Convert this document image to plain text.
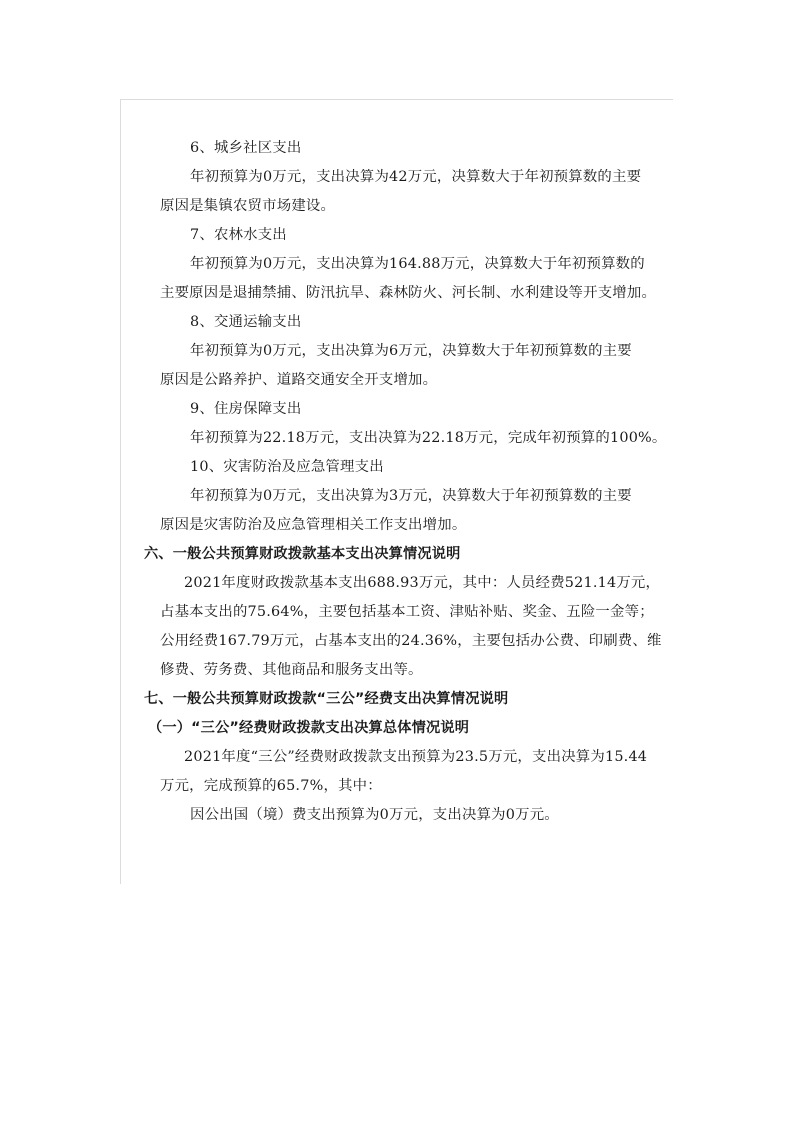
6、城乡社区支出
年初预算为0万元，支出决算为42万元，决算数大于年初预算数的主要
原因是集镇农贸市场建设。
7、农林水支出
年初预算为0万元，支出决算为164.88万元，决算数大于年初预算数的
主要原因是退捕禁捕、防汛抗旱、森林防火、河长制、水利建设等开支增加。
8、交通运输支出
年初预算为0万元，支出决算为6万元，决算数大于年初预算数的主要
原因是公路养护、道路交通安全开支增加。
9、住房保障支出
年初预算为22.18万元，支出决算为22.18万元，完成年初预算的100%。
10、灾害防治及应急管理支出
年初预算为0万元，支出决算为3万元，决算数大于年初预算数的主要
原因是灾害防治及应急管理相关工作支出增加。
六、一般公共预算财政拨款基本支出决算情况说明
2021年度财政拨款基本支出688.93万元，其中：人员经费521.14万元，
占基本支出的75.64%，主要包括基本工资、津贴补贴、奖金、五险一金等；
公用经费167.79万元，占基本支出的24.36%，主要包括办公费、印刷费、维
修费、劳务费、其他商品和服务支出等。
七、一般公共预算财政拨款“三公”经费支出决算情况说明
（一）“三公”经费财政拨款支出决算总体情况说明
2021年度“三公”经费财政拨款支出预算为23.5万元，支出决算为15.44
万元，完成预算的65.7%，其中：
因公出国（境）费支出预算为0万元，支出决算为0万元。
